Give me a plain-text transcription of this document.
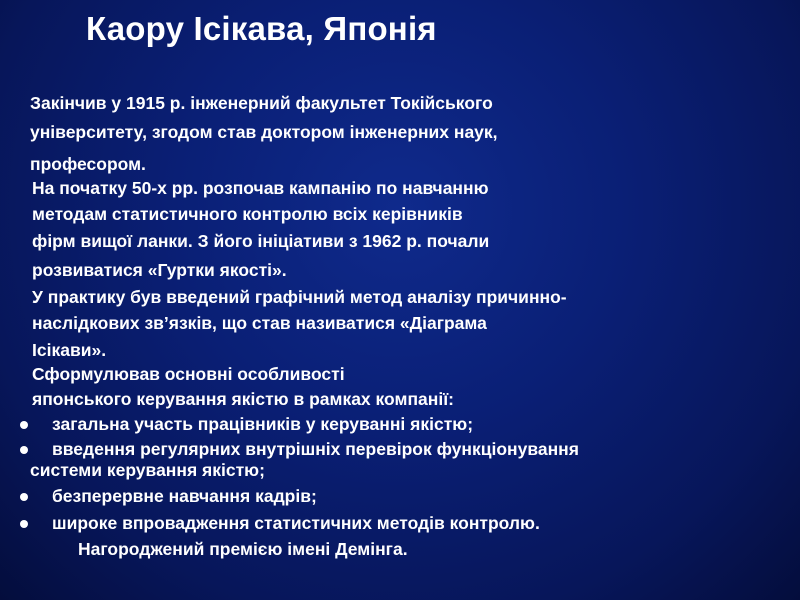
Каору Ісікава, Японія
Закінчив у 1915 р. інженерний факультет Токійського
університету, згодом став доктором інженерних наук,
професором.
На початку 50-х рр. розпочав кампанію по навчанню
методам статистичного контролю всіх керівників
фірм вищої ланки. З його ініціативи з 1962 р. почали
розвиватися «Гуртки якості».
У практику був введений графічний метод аналізу причинно-
наслідкових зв’язків, що став називатися «Діаграма
Ісікави».
Сформулював основні особливості
японського керування якістю в рамках компанії:
загальна участь працівників у керуванні якістю;
введення регулярних внутрішніх перевірок функціонування
системи керування якістю;
безперервне навчання кадрів;
широке впровадження статистичних методів контролю.
Нагороджений премією імені Демінга.
